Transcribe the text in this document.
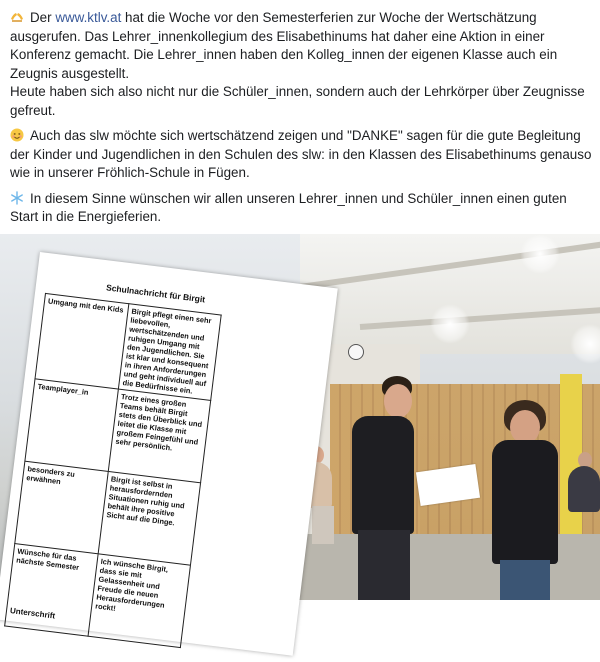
Der www.ktlv.at hat die Woche vor den Semesterferien zur Woche der Wertschätzung ausgerufen. Das Lehrer_innenkollegium des Elisabethinums hat daher eine Aktion in einer Konferenz gemacht. Die Lehrer_innen haben den Kolleg_innen der eigenen Klasse auch ein Zeugnis ausgestellt.
Heute haben sich also nicht nur die Schüler_innen, sondern auch der Lehrkörper über Zeugnisse gefreut.

Auch das slw möchte sich wertschätzend zeigen und "DANKE" sagen für die gute Begleitung der Kinder und Jugendlichen in den Schulen des slw: in den Klassen des Elisabethinums genauso wie in unserer Fröhlich-Schule in Fügen.

In diesem Sinne wünschen wir allen unseren Lehrer_innen und Schüler_innen einen guten Start in die Energieferien.

Schulnachricht für Birgit
Umgang mit den Kids	Birgit pflegt einen sehr liebevollen, wertschätzenden und ruhigen Umgang mit den Jugendlichen. Sie ist klar und konsequent in ihren Anforderungen und geht individuell auf die Bedürfnisse ein.
Teamplayer_in	Trotz eines großen Teams behält Birgit stets den Überblick und leitet die Klasse mit großem Feingefühl und sehr persönlich.
besonders zu erwähnen	Birgit ist selbst in herausfordernden Situationen ruhig und behält ihre positive Sicht auf die Dinge.
Wünsche für das nächste Semester	Ich wünsche Birgit, dass sie mit Gelassenheit und Freude die neuen Herausforderungen rockt!
Unterschrift
